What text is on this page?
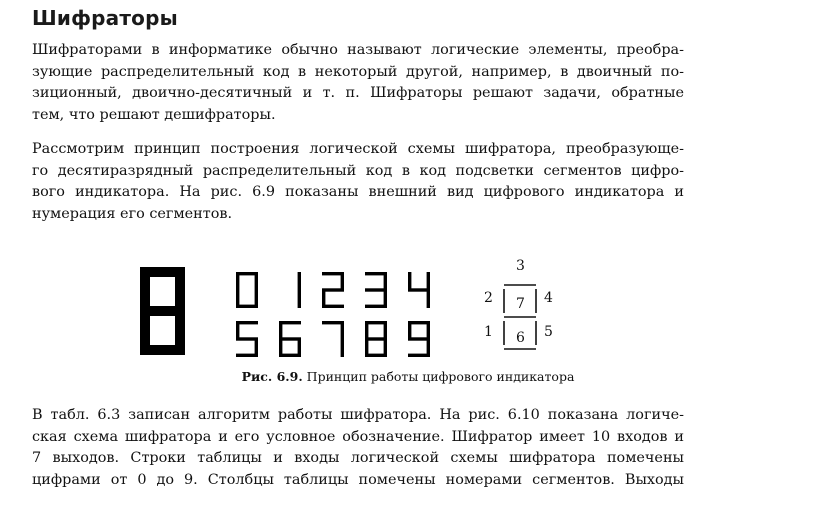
Шифраторы
Шифраторами в информатике обычно называют логические элементы, преобра-
зующие распределительный код в некоторый другой, например, в двоичный по-
зиционный, двоично-десятичный и т. п. Шифраторы решают задачи, обратные
тем, что решают дешифраторы.
Рассмотрим принцип построения логической схемы шифратора, преобразующе-
го десятиразрядный распределительный код в код подсветки сегментов цифро-
вого индикатора. На рис. 6.9 показаны внешний вид цифрового индикатора и
нумерация его сегментов.
3
2	4
7
1	5
6
Рис. 6.9. Принцип работы цифрового индикатора
В табл. 6.3 записан алгоритм работы шифратора. На рис. 6.10 показана логиче-
ская схема шифратора и его условное обозначение. Шифратор имеет 10 входов и
7 выходов. Строки таблицы и входы логической схемы шифратора помечены
цифрами от 0 до 9. Столбцы таблицы помечены номерами сегментов. Выходы
